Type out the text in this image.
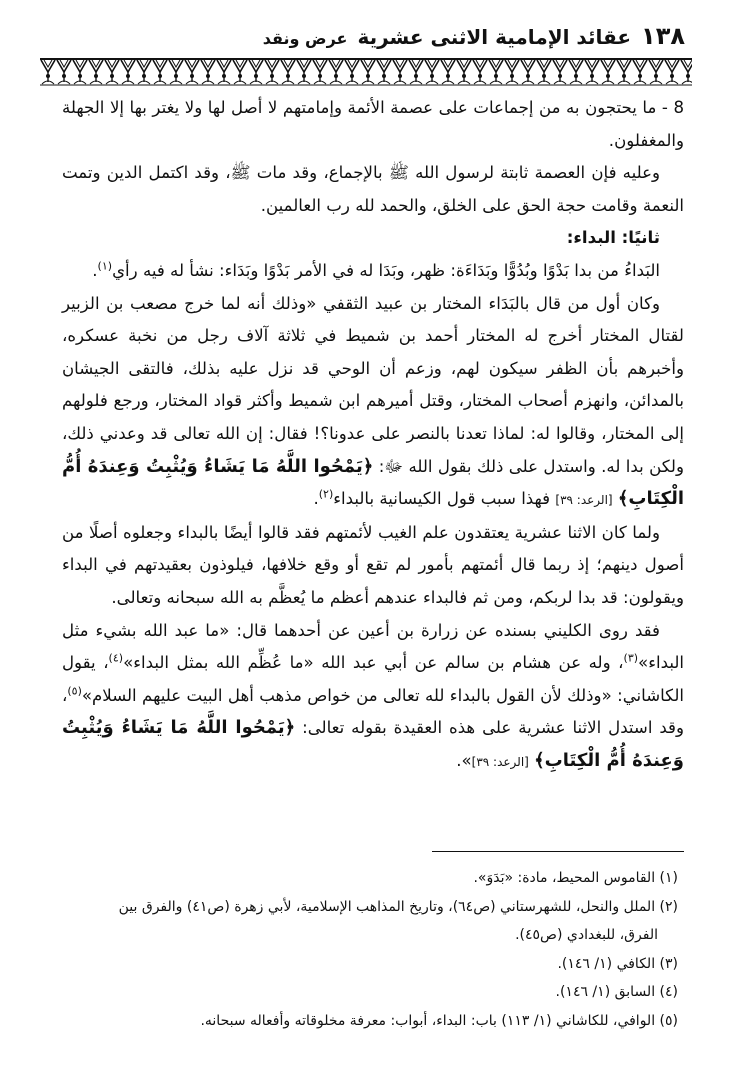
١٣٨
عقائد الإمامية الاثنى عشرية
عرض ونقد

8 - ما يحتجون به من إجماعات على عصمة الأئمة وإمامتهم لا أصل لها ولا يغتر بها إلا الجهلة والمغفلون.

وعليه فإن العصمة ثابتة لرسول الله ﷺ بالإجماع، وقد مات ﷺ، وقد اكتمل الدين وتمت النعمة وقامت حجة الحق على الخلق، والحمد لله رب العالمين.

ثانيًا: البداء:

البَداءُ من بدا بَدْوًا وبُدُوًّا وبَدَاءَة: ظهر، وبَدَا له في الأمر بَدْوًا وبَدَاء: نشأ له فيه رأي$^{(١)}$.

وكان أول من قال بالبَدَاء المختار بن عبيد الثقفي «وذلك أنه لما خرج مصعب بن الزبير لقتال المختار أخرج له المختار أحمد بن شميط في ثلاثة آلاف رجل من نخبة عسكره، وأخبرهم بأن الظفر سيكون لهم، وزعم أن الوحي قد نزل عليه بذلك، فالتقى الجيشان بالمدائن، وانهزم أصحاب المختار، وقتل أميرهم ابن شميط وأكثر قواد المختار، ورجع فلولهم إلى المختار، وقالوا له: لماذا تعدنا بالنصر على عدونا؟! فقال: إن الله تعالى قد وعدني ذلك، ولكن بدا له. واستدل على ذلك بقول الله ﷻ: ﴿يَمْحُوا اللَّهُ مَا يَشَاءُ وَيُثْبِتُ وَعِندَهُ أُمُّ الْكِتَابِ﴾ [الرعد: ٣٩] فهذا سبب قول الكيسانية بالبداء$^{(٢)}$.

ولما كان الاثنا عشرية يعتقدون علم الغيب لأئمتهم فقد قالوا أيضًا بالبداء وجعلوه أصلًا من أصول دينهم؛ إذ ربما قال أئمتهم بأمور لم تقع أو وقع خلافها، فيلوذون بعقيدتهم في البداء ويقولون: قد بدا لربكم، ومن ثم فالبداء عندهم أعظم ما يُعظَّم به الله سبحانه وتعالى.

فقد روى الكليني بسنده عن زرارة بن أعين عن أحدهما قال: «ما عبد الله بشيء مثل البداء»$^{(٣)}$، وله عن هشام بن سالم عن أبي عبد الله «ما عُظِّم الله بمثل البداء»$^{(٤)}$، يقول الكاشاني: «وذلك لأن القول بالبداء لله تعالى من خواص مذهب أهل البيت عليهم السلام»$^{(٥)}$، وقد استدل الاثنا عشرية على هذه العقيدة بقوله تعالى: ﴿يَمْحُوا اللَّهُ مَا يَشَاءُ وَيُثْبِتُ وَعِندَهُ أُمُّ الْكِتَابِ﴾ [الرعد: ٣٩]».

(١) القاموس المحيط، مادة: «بَدَوَ».

(٢) الملل والنحل، للشهرستاني (ص٦٤)، وتاريخ المذاهب الإسلامية، لأبي زهرة (ص٤١) والفرق بين

الفرق، للبغدادي (ص٤٥).

(٣) الكافي (١/ ١٤٦).

(٤) السابق (١/ ١٤٦).

(٥) الوافي، للكاشاني (١/ ١١٣) باب: البداء، أبواب: معرفة مخلوقاته وأفعاله سبحانه.
